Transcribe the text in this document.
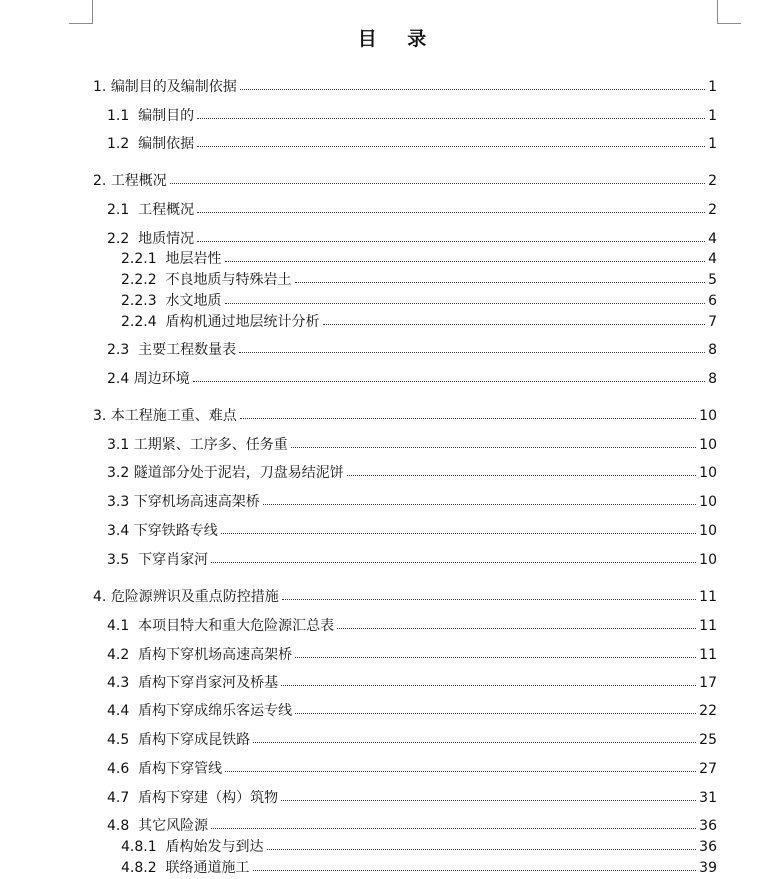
目 录
1. 编制目的及编制依据	1
1.1 编制目的	1
1.2 编制依据	1
2. 工程概况	2
2.1 工程概况	2
2.2 地质情况	4
2.2.1 地层岩性	4
2.2.2 不良地质与特殊岩土	5
2.2.3 水文地质	6
2.2.4 盾构机通过地层统计分析	7
2.3 主要工程数量表	8
2.4 周边环境	8
3. 本工程施工重、难点	10
3.1 工期紧、工序多、任务重	10
3.2 隧道部分处于泥岩，刀盘易结泥饼	10
3.3 下穿机场高速高架桥	10
3.4 下穿铁路专线	10
3.5 下穿肖家河	10
4. 危险源辨识及重点防控措施	11
4.1 本项目特大和重大危险源汇总表	11
4.2 盾构下穿机场高速高架桥	11
4.3 盾构下穿肖家河及桥基	17
4.4 盾构下穿成绵乐客运专线	22
4.5 盾构下穿成昆铁路	25
4.6 盾构下穿管线	27
4.7 盾构下穿建（构）筑物	31
4.8 其它风险源	36
4.8.1 盾构始发与到达	36
4.8.2 联络通道施工	39
